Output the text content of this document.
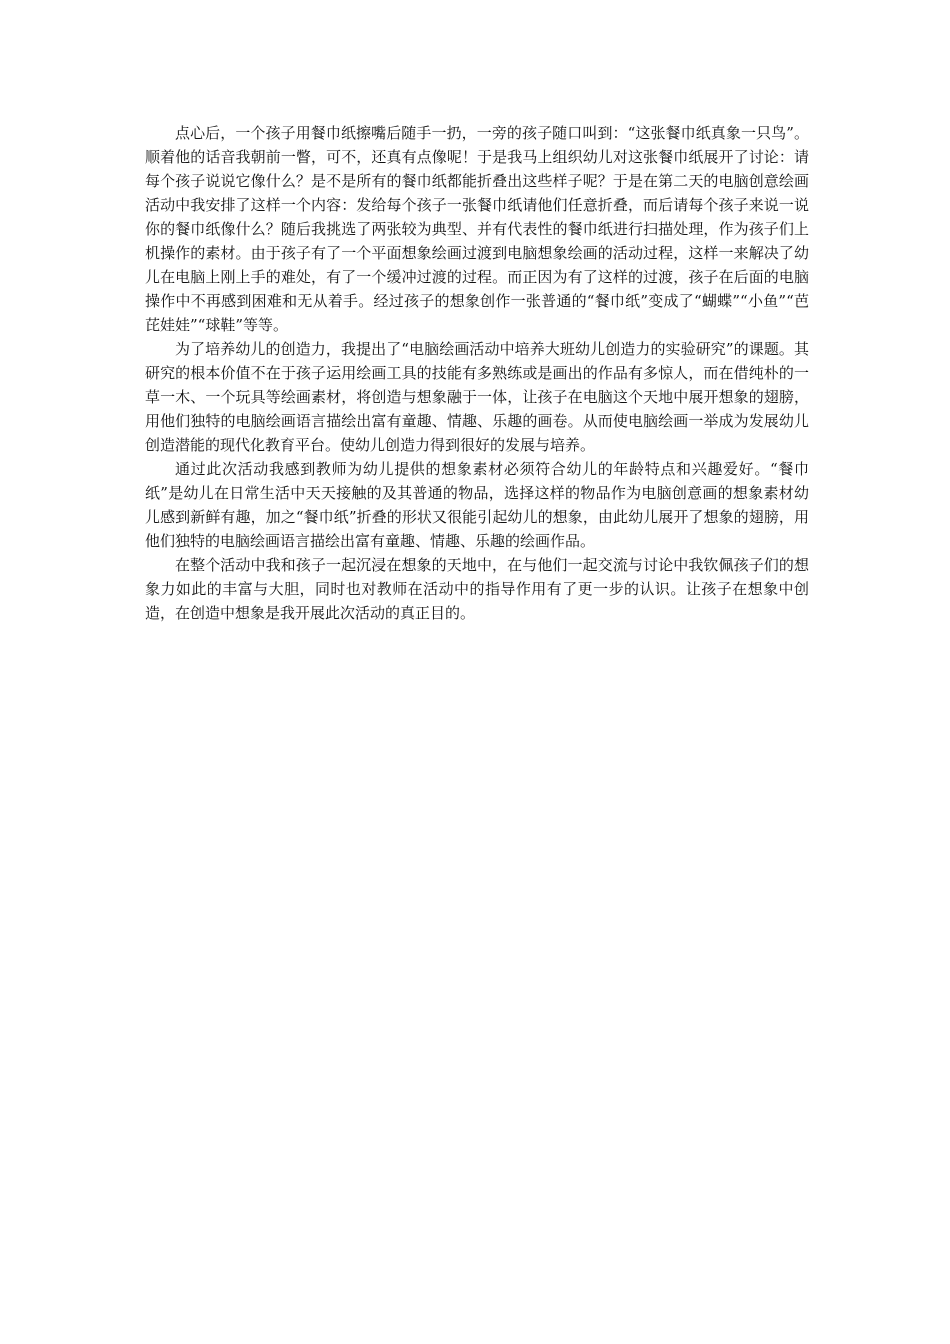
点心后，一个孩子用餐巾纸擦嘴后随手一扔，一旁的孩子随口叫到：“这张餐巾纸真象一只鸟”。顺着他的话音我朝前一瞥，可不，还真有点像呢！于是我马上组织幼儿对这张餐巾纸展开了讨论：请每个孩子说说它像什么？是不是所有的餐巾纸都能折叠出这些样子呢？于是在第二天的电脑创意绘画活动中我安排了这样一个内容：发给每个孩子一张餐巾纸请他们任意折叠，而后请每个孩子来说一说你的餐巾纸像什么？随后我挑选了两张较为典型、并有代表性的餐巾纸进行扫描处理，作为孩子们上机操作的素材。由于孩子有了一个平面想象绘画过渡到电脑想象绘画的活动过程，这样一来解决了幼儿在电脑上刚上手的难处，有了一个缓冲过渡的过程。而正因为有了这样的过渡，孩子在后面的电脑操作中不再感到困难和无从着手。经过孩子的想象创作一张普通的“餐巾纸”变成了“蝴蝶”“小鱼”“芭芘娃娃”“球鞋”等等。

为了培养幼儿的创造力，我提出了“电脑绘画活动中培养大班幼儿创造力的实验研究”的课题。其研究的根本价值不在于孩子运用绘画工具的技能有多熟练或是画出的作品有多惊人，而在借纯朴的一草一木、一个玩具等绘画素材，将创造与想象融于一体，让孩子在电脑这个天地中展开想象的翅膀，用他们独特的电脑绘画语言描绘出富有童趣、情趣、乐趣的画卷。从而使电脑绘画一举成为发展幼儿创造潜能的现代化教育平台。使幼儿创造力得到很好的发展与培养。

通过此次活动我感到教师为幼儿提供的想象素材必须符合幼儿的年龄特点和兴趣爱好。“餐巾纸”是幼儿在日常生活中天天接触的及其普通的物品，选择这样的物品作为电脑创意画的想象素材幼儿感到新鲜有趣，加之“餐巾纸”折叠的形状又很能引起幼儿的想象，由此幼儿展开了想象的翅膀，用他们独特的电脑绘画语言描绘出富有童趣、情趣、乐趣的绘画作品。

在整个活动中我和孩子一起沉浸在想象的天地中，在与他们一起交流与讨论中我钦佩孩子们的想象力如此的丰富与大胆，同时也对教师在活动中的指导作用有了更一步的认识。让孩子在想象中创造，在创造中想象是我开展此次活动的真正目的。
